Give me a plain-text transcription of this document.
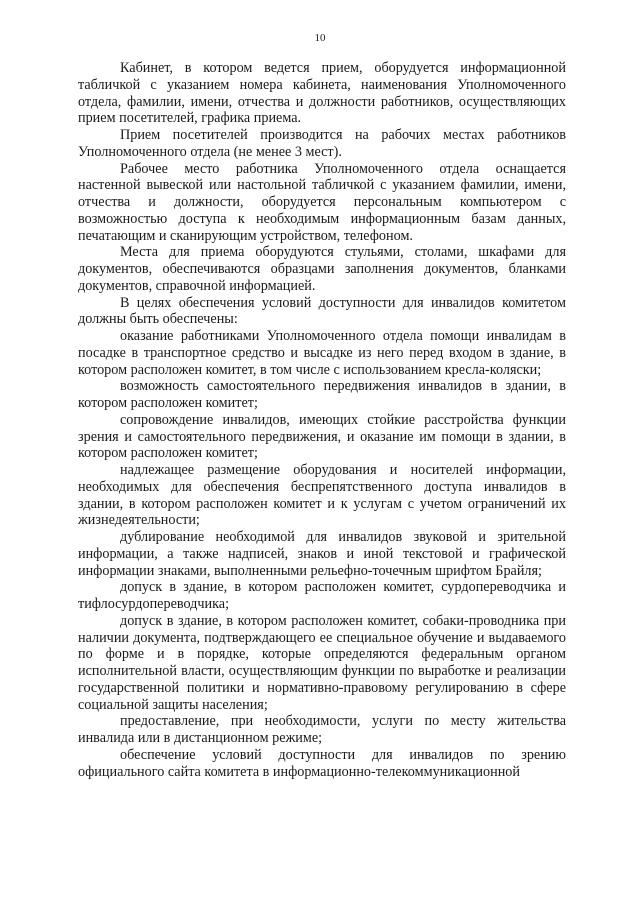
10

Кабинет, в котором ведется прием, оборудуется информационной табличкой с указанием номера кабинета, наименования Уполномоченного отдела, фамилии, имени, отчества и должности работников, осуществляющих прием посетителей, графика приема.

Прием посетителей производится на рабочих местах работников Уполномоченного отдела (не менее 3 мест).

Рабочее место работника Уполномоченного отдела оснащается настенной вывеской или настольной табличкой с указанием фамилии, имени, отчества и должности, оборудуется персональным компьютером с возможностью доступа к необходимым информационным базам данных, печатающим и сканирующим устройством, телефоном.

Места для приема оборудуются стульями, столами, шкафами для документов, обеспечиваются образцами заполнения документов, бланками документов, справочной информацией.

В целях обеспечения условий доступности для инвалидов комитетом должны быть обеспечены:

оказание работниками Уполномоченного отдела помощи инвалидам в посадке в транспортное средство и высадке из него перед входом в здание, в котором расположен комитет, в том числе с использованием кресла-коляски;

возможность самостоятельного передвижения инвалидов в здании, в котором расположен комитет;

сопровождение инвалидов, имеющих стойкие расстройства функции зрения и самостоятельного передвижения, и оказание им помощи в здании, в котором расположен комитет;

надлежащее размещение оборудования и носителей информации, необходимых для обеспечения беспрепятственного доступа инвалидов в здании, в котором расположен комитет и к услугам с учетом ограничений их жизнедеятельности;

дублирование необходимой для инвалидов звуковой и зрительной информации, а также надписей, знаков и иной текстовой и графической информации знаками, выполненными рельефно-точечным шрифтом Брайля;

допуск в здание, в котором расположен комитет, сурдопереводчика и тифлосурдопереводчика;

допуск в здание, в котором расположен комитет, собаки-проводника при наличии документа, подтверждающего ее специальное обучение и выдаваемого по форме и в порядке, которые определяются федеральным органом исполнительной власти, осуществляющим функции по выработке и реализации государственной политики и нормативно-правовому регулированию в сфере социальной защиты населения;

предоставление, при необходимости, услуги по месту жительства инвалида или в дистанционном режиме;

обеспечение условий доступности для инвалидов по зрению официального сайта комитета в информационно-телекоммуникационной
